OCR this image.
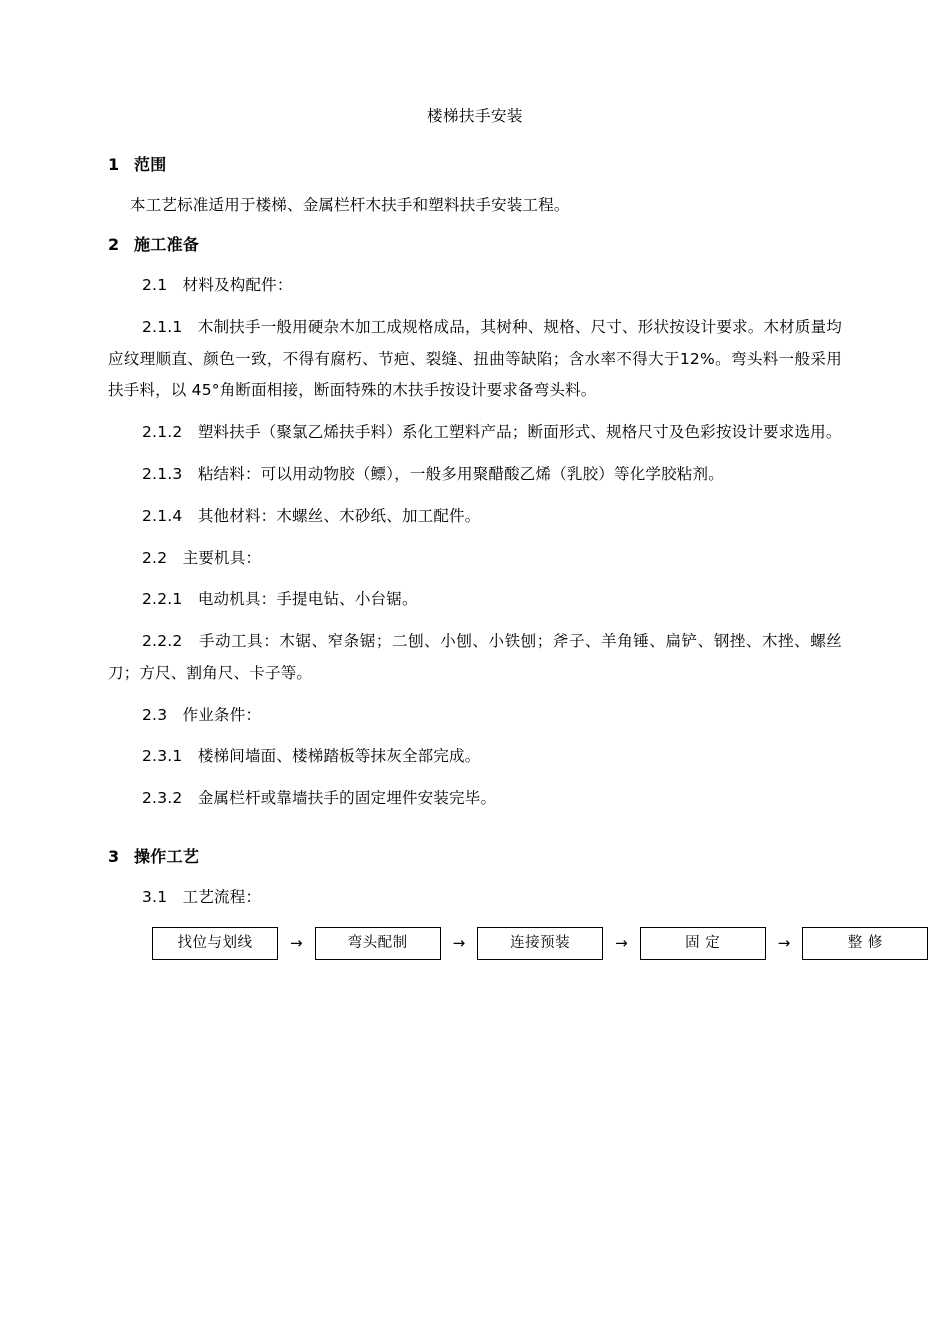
楼梯扶手安装
1 范围
本工艺标准适用于楼梯、金属栏杆木扶手和塑料扶手安装工程。
2 施工准备
2.1 材料及构配件：
2.1.1 木制扶手一般用硬杂木加工成规格成品，其树种、规格、尺寸、形状按设计要求。木材质量均应纹理顺直、颜色一致，不得有腐朽、节疤、裂缝、扭曲等缺陷；含水率不得大于12%。弯头料一般采用扶手料，以 45°角断面相接，断面特殊的木扶手按设计要求备弯头料。
2.1.2 塑料扶手（聚氯乙烯扶手料）系化工塑料产品；断面形式、规格尺寸及色彩按设计要求选用。
2.1.3 粘结料：可以用动物胶（鳔），一般多用聚醋酸乙烯（乳胶）等化学胶粘剂。
2.1.4 其他材料：木螺丝、木砂纸、加工配件。
2.2 主要机具：
2.2.1 电动机具：手提电钻、小台锯。
2.2.2 手动工具：木锯、窄条锯；二刨、小刨、小铁刨；斧子、羊角锤、扁铲、钢挫、木挫、螺丝刀；方尺、割角尺、卡子等。
2.3 作业条件：
2.3.1 楼梯间墙面、楼梯踏板等抹灰全部完成。
2.3.2 金属栏杆或靠墙扶手的固定埋件安装完毕。
3 操作工艺
3.1 工艺流程：
找位与划线	→	弯头配制	→	连接预装	→	固 定	→	整 修
